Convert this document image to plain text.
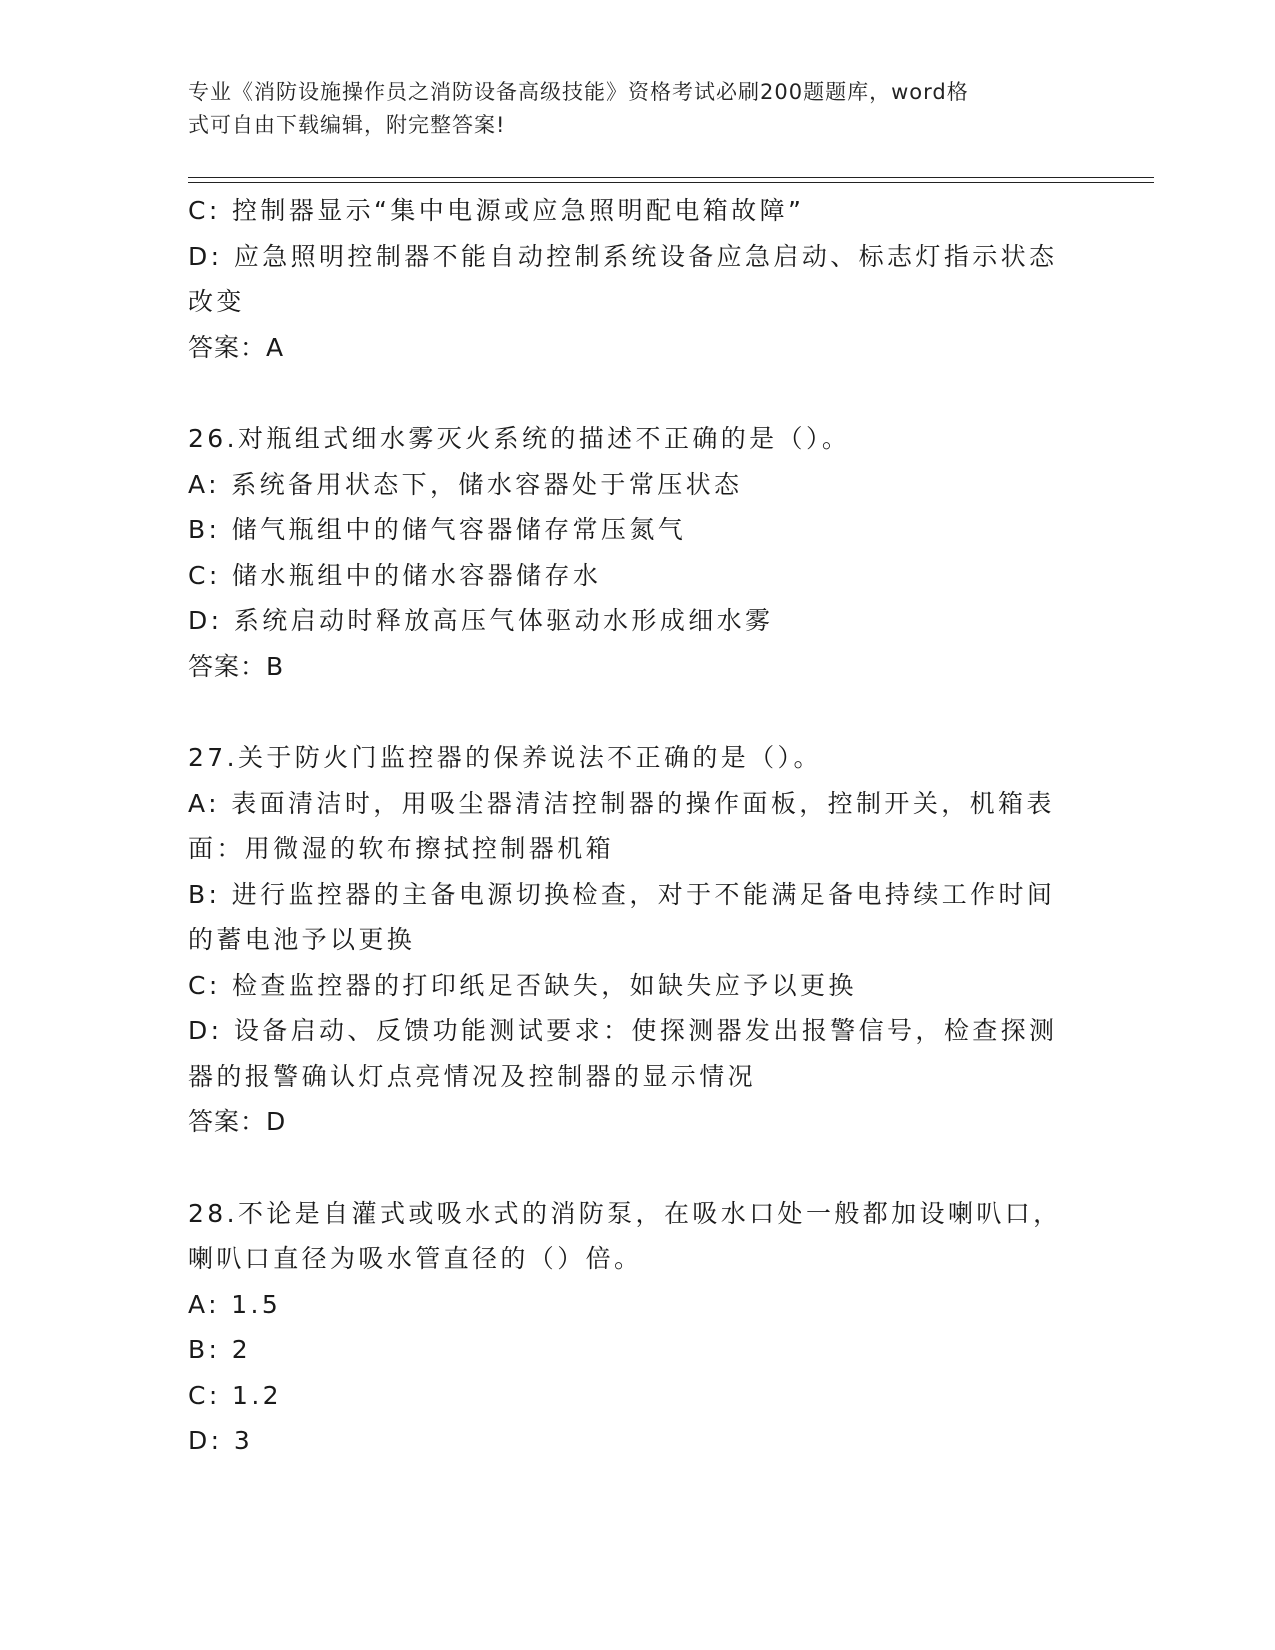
专业《消防设施操作员之消防设备高级技能》资格考试必刷200题题库，word格
式可自由下载编辑，附完整答案!

C: 控制器显示“集中电源或应急照明配电箱故障”

D: 应急照明控制器不能自动控制系统设备应急启动、标志灯指示状态

改变

答案：A

26.对瓶组式细水雾灭火系统的描述不正确的是（）。

A: 系统备用状态下，储水容器处于常压状态

B: 储气瓶组中的储气容器储存常压氮气

C: 储水瓶组中的储水容器储存水

D: 系统启动时释放高压气体驱动水形成细水雾

答案：B

27.关于防火门监控器的保养说法不正确的是（）。

A: 表面清洁时，用吸尘器清洁控制器的操作面板，控制开关，机箱表

面：用微湿的软布擦拭控制器机箱

B: 进行监控器的主备电源切换检查，对于不能满足备电持续工作时间

的蓄电池予以更换

C: 检查监控器的打印纸足否缺失，如缺失应予以更换

D: 设备启动、反馈功能测试要求：使探测器发出报警信号，检查探测

器的报警确认灯点亮情况及控制器的显示情况

答案：D

28.不论是自灌式或吸水式的消防泵，在吸水口处一般都加设喇叭口，

喇叭口直径为吸水管直径的（）倍。

A: 1.5

B: 2

C: 1.2

D: 3
